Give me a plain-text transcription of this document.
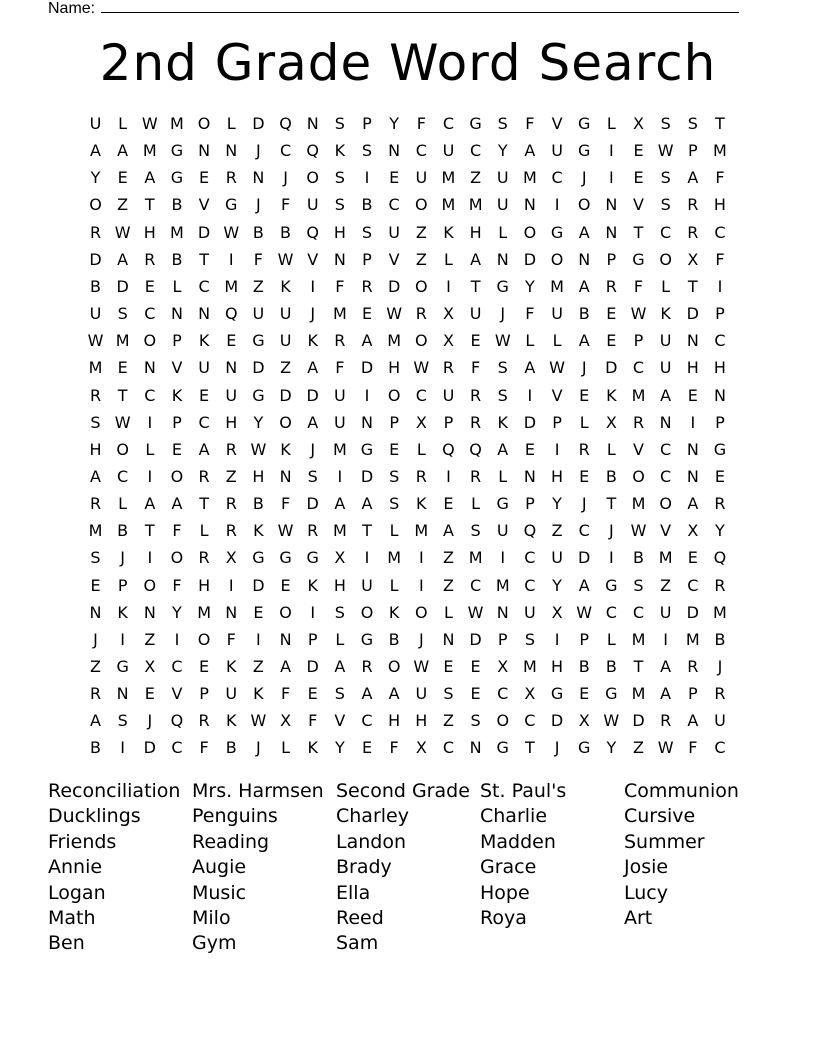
Name:
2nd Grade Word Search
U	L W M O	L	D Q N	S	P	Y	F	C G S	F	V G	L	X	S	S	T
A	A M G N N	J	C Q K	S	N C U C	Y	A U G	I	E W P M
Y	E	A G E	R N	J	O S	I	E	U M Z U M C	J	I	E	S	A	F
O Z	T	B	V G	J	F	U	S	B	C O M M U N	I	O N V	S	R H
R W H M D W B	B Q H	S	U Z	K H	L	O G A N	T	C	R C
D A	R	B	T	I	F W V N	P	V	Z	L	A N D O N	P	G O X	F
B D E	L	C M Z	K	I	F	R D O	I	T	G	Y M A	R	F	L	T	I
U	S	C N N Q U U	J	M E W R	X U	J	F	U B	E W K D	P
W M O	P	K	E G U	K	R	A M O X	E W L	L	A	E	P	U N C
M E	N V U N D Z	A	F	D H W R	F	S	A W	J	D C U H H
R	T	C	K	E	U G D D U	I	O C U R	S	I	V	E	K M A	E	N
S W	I	P	C H	Y O A U N	P	X	P	R	K D	P	L	X	R N	I	P
H O	L	E	A	R W K	J	M G E	L	Q Q A	E	I	R	L	V	C N G
A	C	I	O R	Z H N	S	I	D S	R	I	R	L	N H	E	B O C N	E
R	L	A	A	T	R	B	F	D A	A	S	K	E	L	G	P	Y	J	T M O A	R
M B	T	F	L	R	K W R M T	L M A	S	U Q Z	C	J	W V	X	Y
S	J	I	O R	X G G G X	I	M	I	Z M	I	C U D	I	B M E Q
E	P	O	F	H	I	D E	K H U	L	I	Z	C M C	Y	A G S	Z	C	R
N K N	Y M N	E O	I	S O K O	L W N U X W C C U D M
J	I	Z	I	O	F	I	N	P	L	G B	J	N D	P	S	I	P	L M	I	M B
Z G X	C	E	K	Z	A D A	R O W E	E	X M H B	B	T	A	R	J
R N	E	V	P	U	K	F	E	S	A	A U	S	E	C	X G E G M A	P	R
A	S	J	Q R	K W X	F	V	C H H Z	S O C D X W D R	A U
B	I	D C	F	B	J	L	K	Y	E	F	X	C N G	T	J	G	Y	Z W F	C
Reconciliation
Ducklings
Friends
Annie
Logan
Math
Ben
Mrs. Harmsen
Penguins
Reading
Augie
Music
Milo
Gym
Second Grade
Charley
Landon
Brady
Ella
Reed
Sam
St. Paul's
Charlie
Madden
Grace
Hope
Roya
Communion
Cursive
Summer
Josie
Lucy
Art
